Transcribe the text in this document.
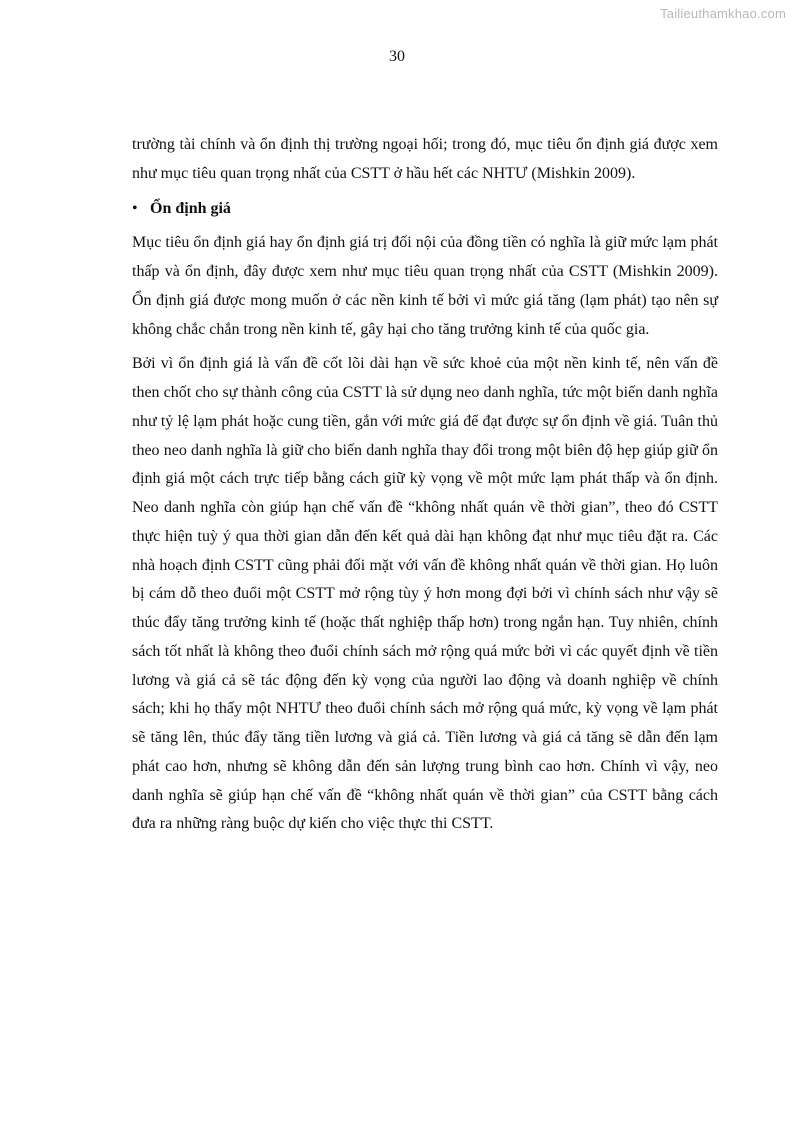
Tailieuthamkhao.com
30

trường tài chính và ổn định thị trường ngoại hối; trong đó, mục tiêu ổn định giá được xem như mục tiêu quan trọng nhất của CSTT ở hầu hết các NHTƯ (Mishkin 2009).

• Ổn định giá

Mục tiêu ổn định giá hay ổn định giá trị đối nội của đồng tiền có nghĩa là giữ mức lạm phát thấp và ổn định, đây được xem như mục tiêu quan trọng nhất của CSTT (Mishkin 2009). Ổn định giá được mong muốn ở các nền kinh tế bởi vì mức giá tăng (lạm phát) tạo nên sự không chắc chắn trong nền kinh tế, gây hại cho tăng trưởng kinh tế của quốc gia.

Bởi vì ổn định giá là vấn đề cốt lõi dài hạn về sức khoẻ của một nền kinh tế, nên vấn đề then chốt cho sự thành công của CSTT là sử dụng neo danh nghĩa, tức một biến danh nghĩa như tỷ lệ lạm phát hoặc cung tiền, gắn với mức giá để đạt được sự ổn định về giá. Tuân thủ theo neo danh nghĩa là giữ cho biến danh nghĩa thay đổi trong một biên độ hẹp giúp giữ ổn định giá một cách trực tiếp bằng cách giữ kỳ vọng về một mức lạm phát thấp và ổn định. Neo danh nghĩa còn giúp hạn chế vấn đề “không nhất quán về thời gian”, theo đó CSTT thực hiện tuỳ ý qua thời gian dẫn đến kết quả dài hạn không đạt như mục tiêu đặt ra. Các nhà hoạch định CSTT cũng phải đối mặt với vấn đề không nhất quán về thời gian. Họ luôn bị cám dỗ theo đuổi một CSTT mở rộng tùy ý hơn mong đợi bởi vì chính sách như vậy sẽ thúc đẩy tăng trưởng kinh tế (hoặc thất nghiệp thấp hơn) trong ngắn hạn. Tuy nhiên, chính sách tốt nhất là không theo đuổi chính sách mở rộng quá mức bởi vì các quyết định về tiền lương và giá cả sẽ tác động đến kỳ vọng của người lao động và doanh nghiệp về chính sách; khi họ thấy một NHTƯ theo đuổi chính sách mở rộng quá mức, kỳ vọng về lạm phát sẽ tăng lên, thúc đẩy tăng tiền lương và giá cả. Tiền lương và giá cả tăng sẽ dẫn đến lạm phát cao hơn, nhưng sẽ không dẫn đến sản lượng trung bình cao hơn. Chính vì vậy, neo danh nghĩa sẽ giúp hạn chế vấn đề “không nhất quán về thời gian” của CSTT bằng cách đưa ra những ràng buộc dự kiến cho việc thực thi CSTT.
